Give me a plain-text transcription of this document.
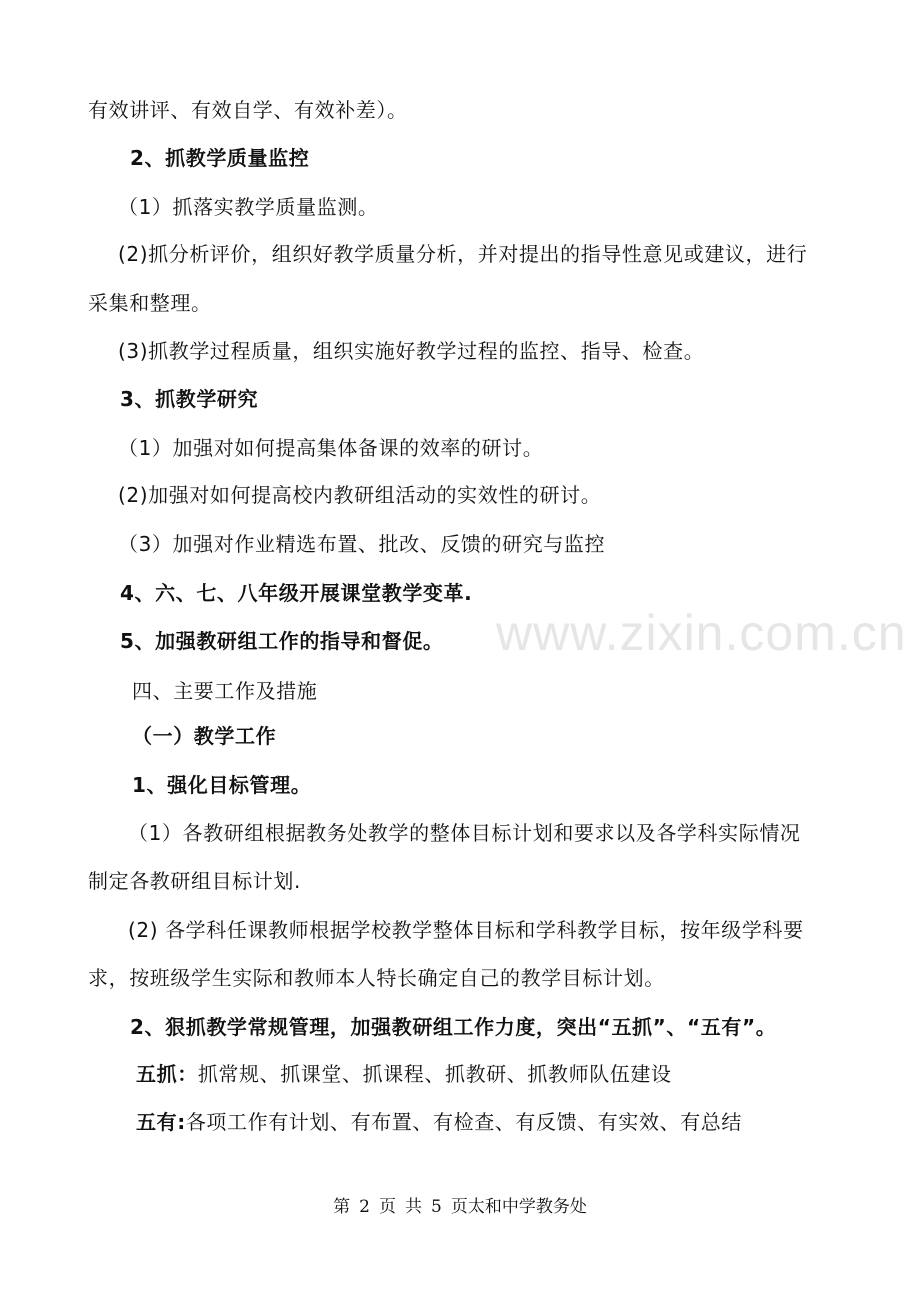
www.zixin.com.cn
有效讲评、有效自学、有效补差）。
2、抓教学质量监控
（1）抓落实教学质量监测。
(2)抓分析评价，组织好教学质量分析，并对提出的指导性意见或建议，进行
采集和整理。
(3)抓教学过程质量，组织实施好教学过程的监控、指导、检查。
3、抓教学研究
（1）加强对如何提高集体备课的效率的研讨。
(2)加强对如何提高校内教研组活动的实效性的研讨。
（3）加强对作业精选布置、批改、反馈的研究与监控
4、六、七、八年级开展课堂教学变革.
5、加强教研组工作的指导和督促。
四、主要工作及措施
（一）教学工作
1、强化目标管理。
（1）各教研组根据教务处教学的整体目标计划和要求以及各学科实际情况
制定各教研组目标计划.
(2) 各学科任课教师根据学校教学整体目标和学科教学目标，按年级学科要
求，按班级学生实际和教师本人特长确定自己的教学目标计划。
2、狠抓教学常规管理，加强教研组工作力度，突出“五抓”、“五有”。
五抓：抓常规、抓课堂、抓课程、抓教研、抓教师队伍建设
五有:各项工作有计划、有布置、有检查、有反馈、有实效、有总结
第 2 页 共 5 页太和中学教务处
